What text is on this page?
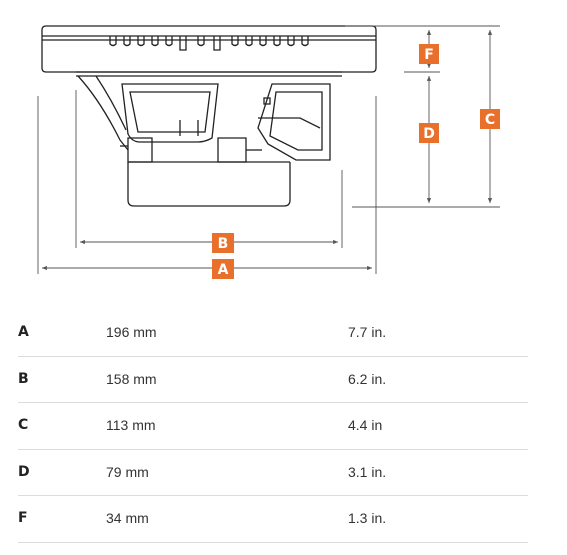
F
D
C
B
A
A	196 mm	7.7 in.
B	158 mm	6.2 in.
C	113 mm	4.4 in
D	79 mm	3.1 in.
F	34 mm	1.3 in.
